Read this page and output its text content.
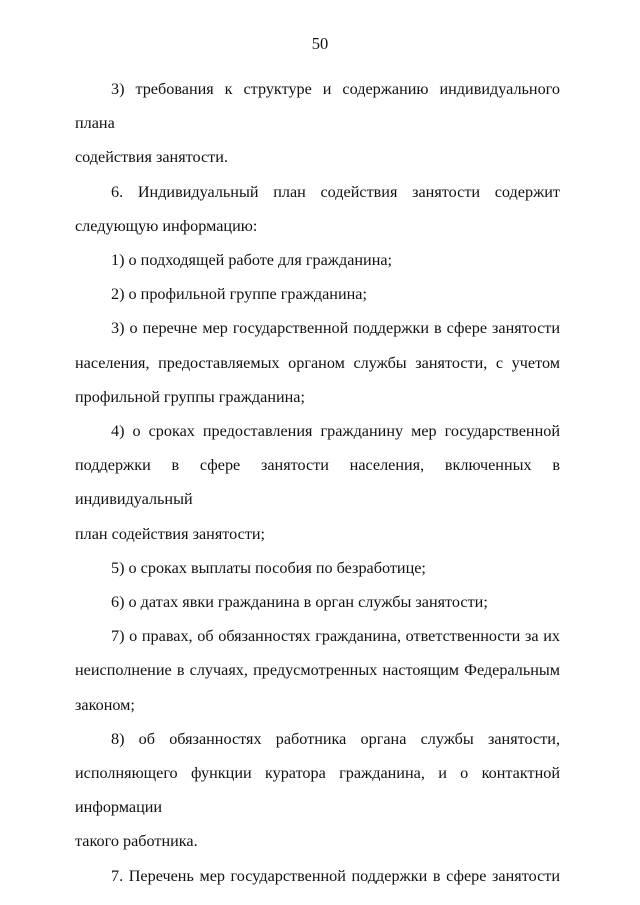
50
3) требования к структуре и содержанию индивидуального плана
содействия занятости.
6. Индивидуальный план содействия занятости содержит
следующую информацию:
1) о подходящей работе для гражданина;
2) о профильной группе гражданина;
3) о перечне мер государственной поддержки в сфере занятости
населения, предоставляемых органом службы занятости, с учетом
профильной группы гражданина;
4) о сроках предоставления гражданину мер государственной
поддержки в сфере занятости населения, включенных в индивидуальный
план содействия занятости;
5) о сроках выплаты пособия по безработице;
6) о датах явки гражданина в орган службы занятости;
7) о правах, об обязанностях гражданина, ответственности за их
неисполнение в случаях, предусмотренных настоящим Федеральным
законом;
8) об обязанностях работника органа службы занятости,
исполняющего функции куратора гражданина, и о контактной информации
такого работника.
7. Перечень мер государственной поддержки в сфере занятости
